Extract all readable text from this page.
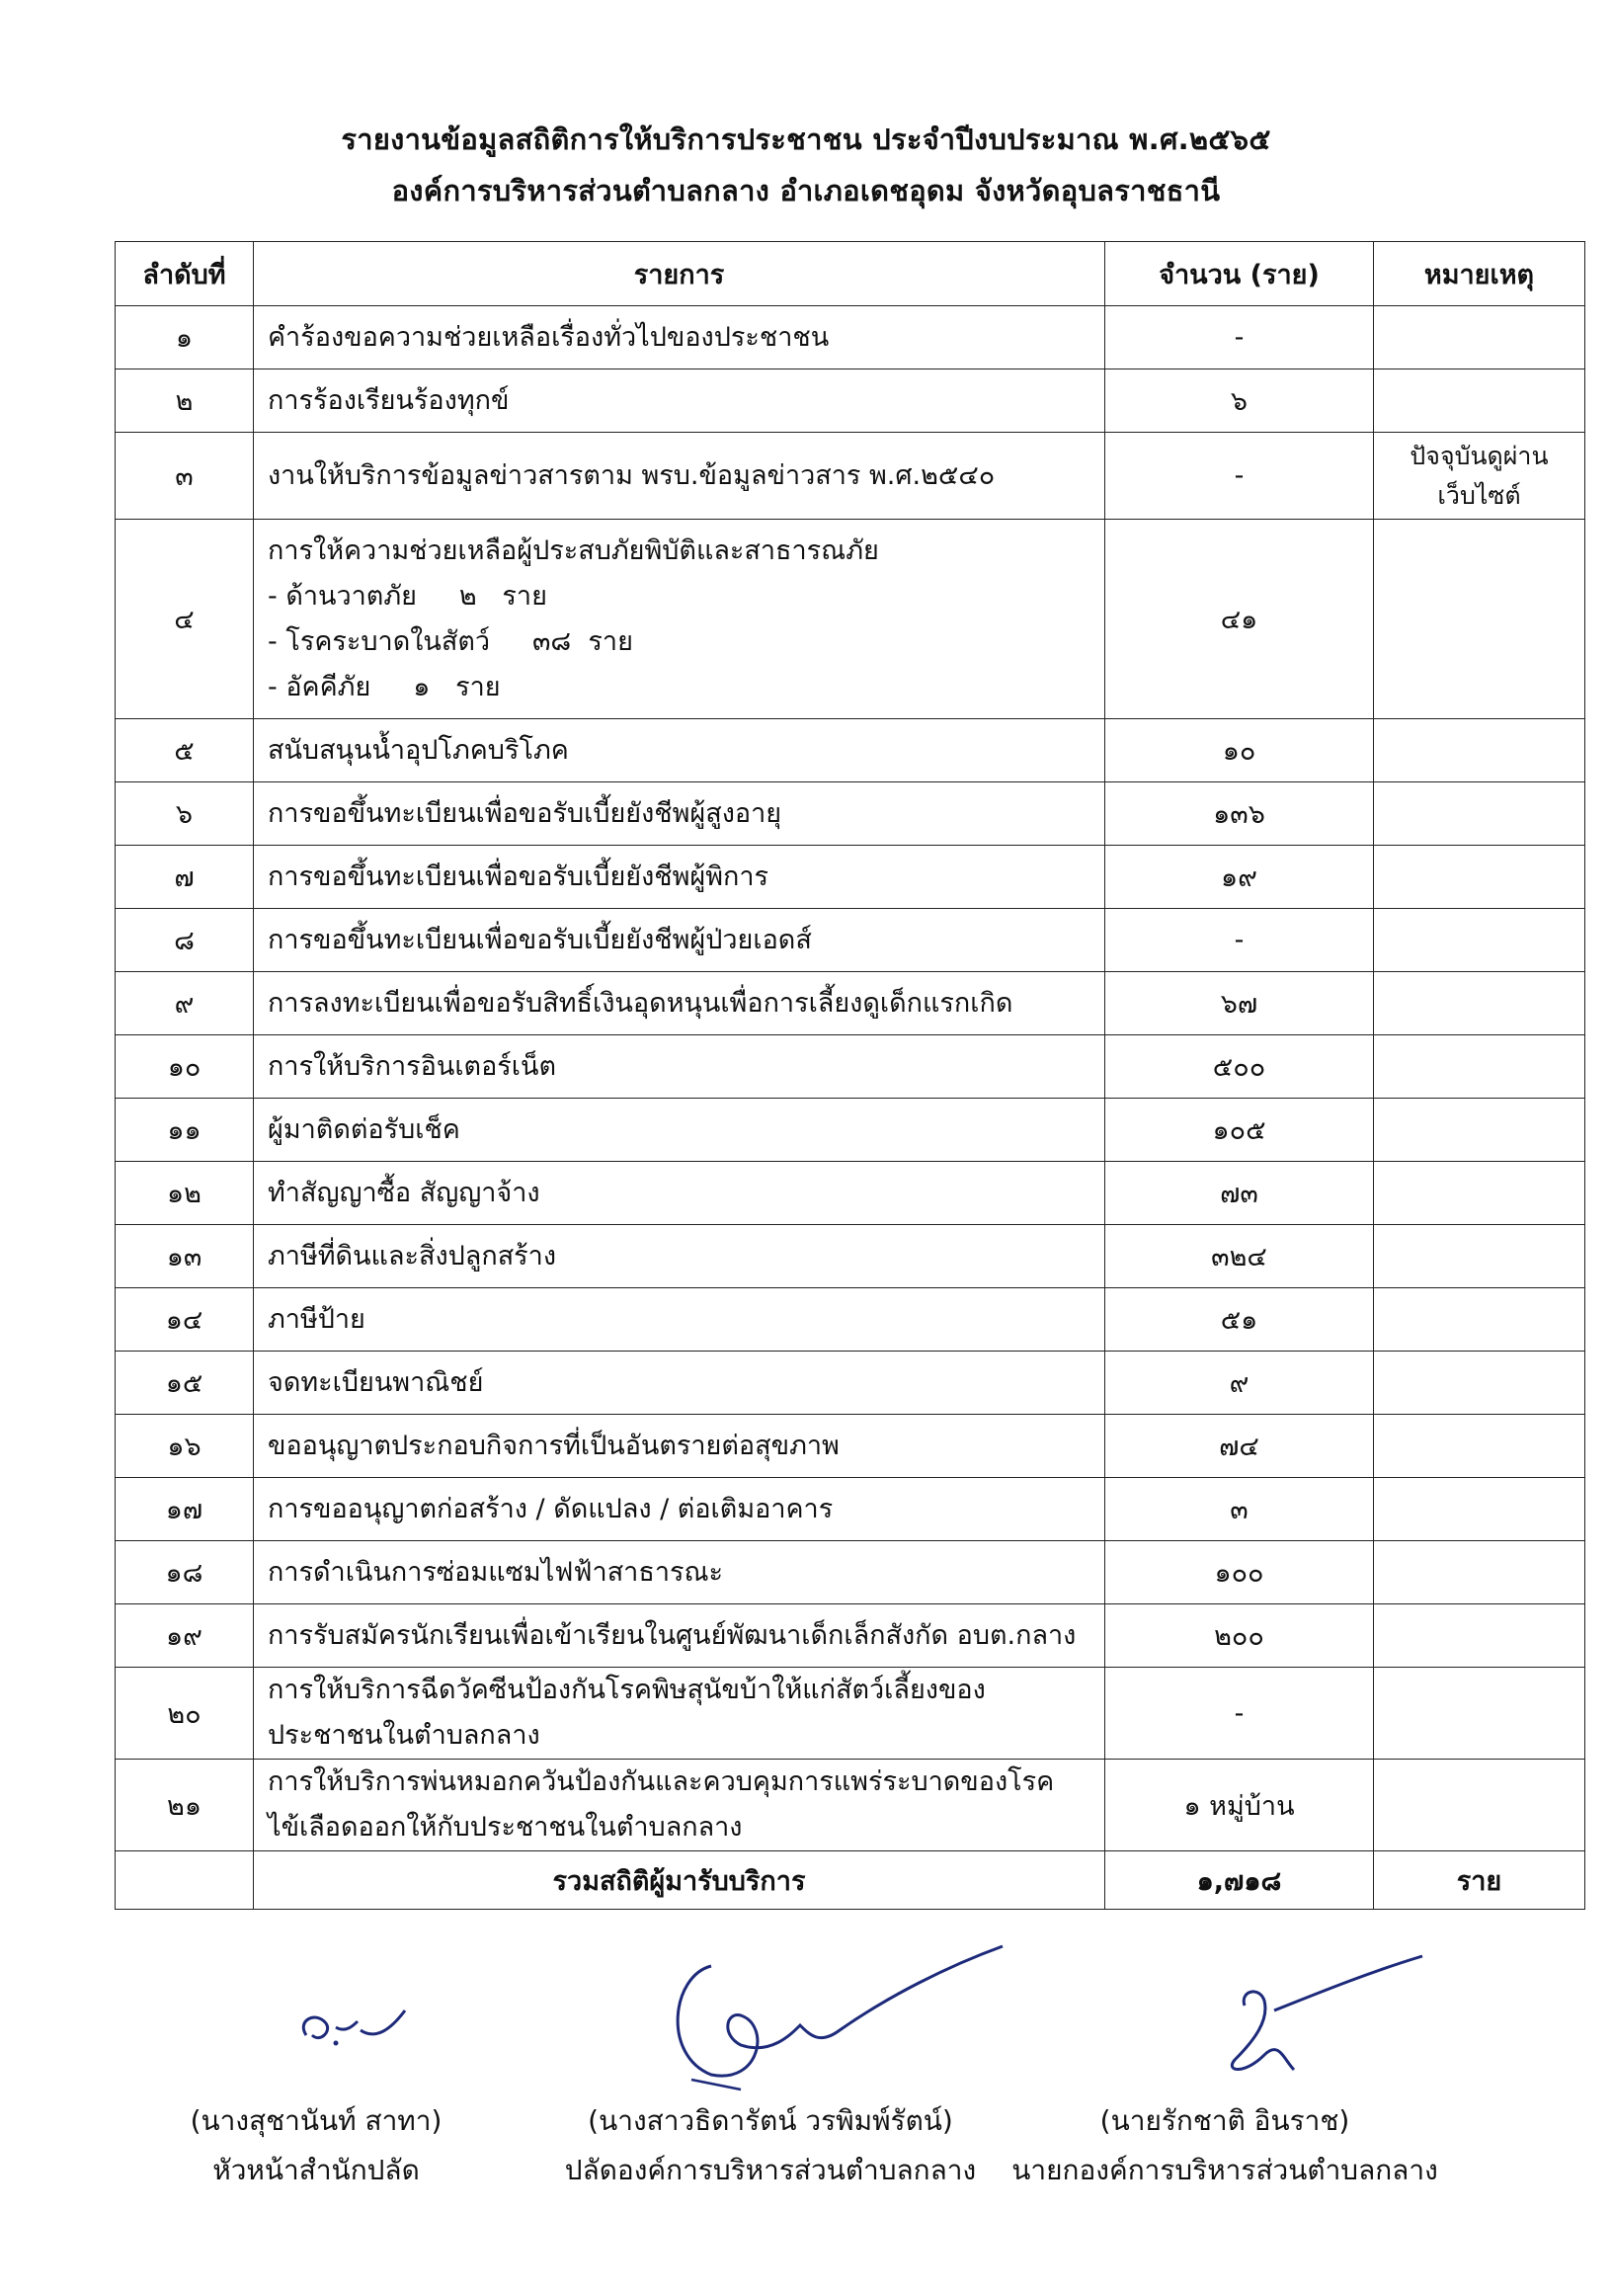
รายงานข้อมูลสถิติการให้บริการประชาชน ประจำปีงบประมาณ พ.ศ.๒๕๖๕
องค์การบริหารส่วนตำบลกลาง อำเภอเดชอุดม จังหวัดอุบลราชธานี
ลำดับที่	รายการ	จำนวน (ราย)	หมายเหตุ
๑	คำร้องขอความช่วยเหลือเรื่องทั่วไปของประชาชน	-	
๒	การร้องเรียนร้องทุกข์	๖	
๓	งานให้บริการข้อมูลข่าวสารตาม พรบ.ข้อมูลข่าวสาร พ.ศ.๒๕๔๐	-	ปัจจุบันดูผ่าน เว็บไซต์
๔	การให้ความช่วยเหลือผู้ประสบภัยพิบัติและสาธารณภัย
- ด้านวาตภัย     ๒   ราย
- โรคระบาดในสัตว์     ๓๘  ราย
- อัคคีภัย     ๑   ราย	๔๑	
๕	สนับสนุนน้ำอุปโภคบริโภค	๑๐	
๖	การขอขึ้นทะเบียนเพื่อขอรับเบี้ยยังชีพผู้สูงอายุ	๑๓๖	
๗	การขอขึ้นทะเบียนเพื่อขอรับเบี้ยยังชีพผู้พิการ	๑๙	
๘	การขอขึ้นทะเบียนเพื่อขอรับเบี้ยยังชีพผู้ป่วยเอดส์	-	
๙	การลงทะเบียนเพื่อขอรับสิทธิ์เงินอุดหนุนเพื่อการเลี้ยงดูเด็กแรกเกิด	๖๗	
๑๐	การให้บริการอินเตอร์เน็ต	๕๐๐	
๑๑	ผู้มาติดต่อรับเช็ค	๑๐๕	
๑๒	ทำสัญญาซื้อ สัญญาจ้าง	๗๓	
๑๓	ภาษีที่ดินและสิ่งปลูกสร้าง	๓๒๔	
๑๔	ภาษีป้าย	๕๑	
๑๕	จดทะเบียนพาณิชย์	๙	
๑๖	ขออนุญาตประกอบกิจการที่เป็นอันตรายต่อสุขภาพ	๗๔	
๑๗	การขออนุญาตก่อสร้าง / ดัดแปลง / ต่อเติมอาคาร	๓	
๑๘	การดำเนินการซ่อมแซมไฟฟ้าสาธารณะ	๑๐๐	
๑๙	การรับสมัครนักเรียนเพื่อเข้าเรียนในศูนย์พัฒนาเด็กเล็กสังกัด อบต.กลาง	๒๐๐	
๒๐	การให้บริการฉีดวัคซีนป้องกันโรคพิษสุนัขบ้าให้แก่สัตว์เลี้ยงของ ประชาชนในตำบลกลาง	-	
๒๑	การให้บริการพ่นหมอกควันป้องกันและควบคุมการแพร่ระบาดของโรค ไข้เลือดออกให้กับประชาชนในตำบลกลาง	๑ หมู่บ้าน	
	รวมสถิติผู้มารับบริการ	๑,๗๑๘	ราย
(นางสุชานันท์ สาทา)
หัวหน้าสำนักปลัด
(นางสาวธิดารัตน์ วรพิมพ์รัตน์)
ปลัดองค์การบริหารส่วนตำบลกลาง
(นายรักชาติ อินราช)
นายกองค์การบริหารส่วนตำบลกลาง
